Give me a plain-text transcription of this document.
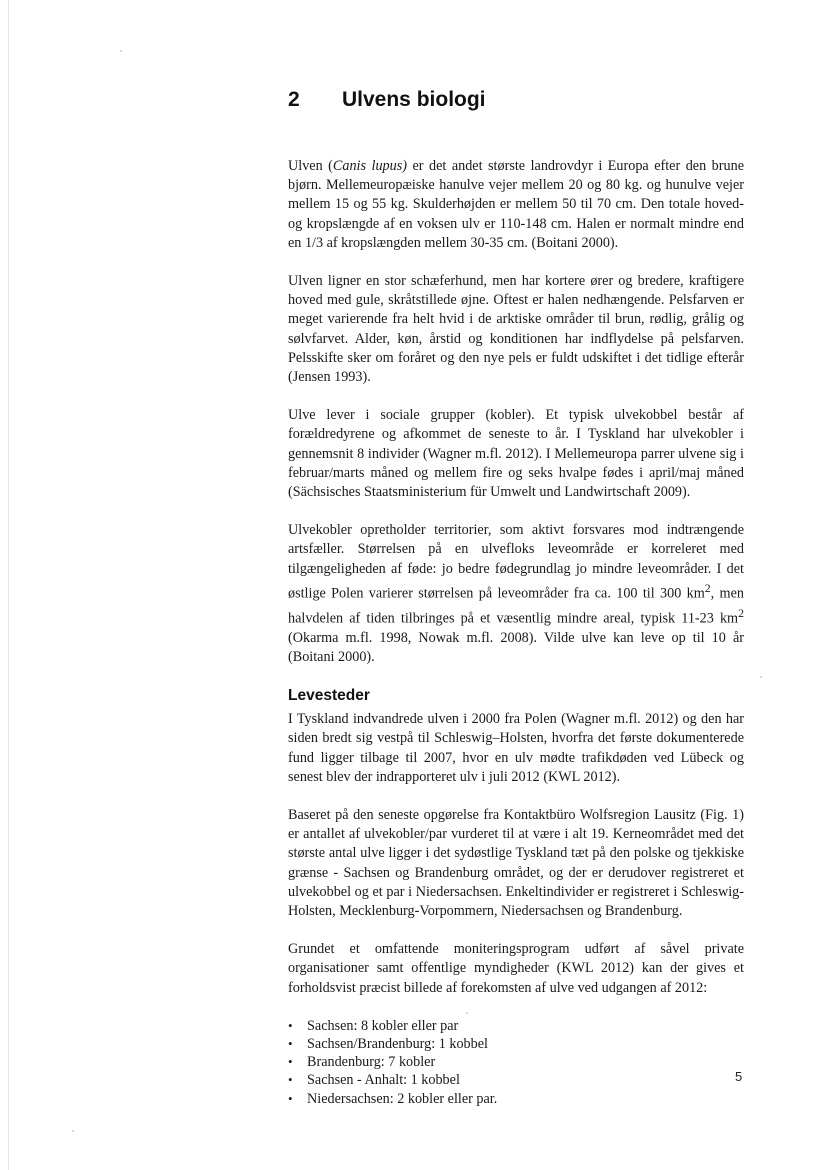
2 Ulvens biologi

Ulven (Canis lupus) er det andet største landrovdyr i Europa efter den brune bjørn. Mellemeuropæiske hanulve vejer mellem 20 og 80 kg. og hunulve vejer mellem 15 og 55 kg. Skulderhøjden er mellem 50 til 70 cm. Den totale hoved- og kropslængde af en voksen ulv er 110-148 cm. Halen er normalt mindre end en 1/3 af kropslængden mellem 30-35 cm. (Boitani 2000).

Ulven ligner en stor schæferhund, men har kortere ører og bredere, kraftigere hoved med gule, skråtstillede øjne. Oftest er halen nedhængende. Pelsfarven er meget varierende fra helt hvid i de arktiske områder til brun, rødlig, grålig og sølvfarvet. Alder, køn, årstid og konditionen har indflydelse på pelsfarven. Pelsskifte sker om foråret og den nye pels er fuldt udskiftet i det tidlige efterår (Jensen 1993).

Ulve lever i sociale grupper (kobler). Et typisk ulvekobbel består af forældredyrene og afkommet de seneste to år. I Tyskland har ulvekobler i gennemsnit 8 individer (Wagner m.fl. 2012). I Mellemeuropa parrer ulvene sig i februar/marts måned og mellem fire og seks hvalpe fødes i april/maj måned (Sächsisches Staatsministerium für Umwelt und Landwirtschaft 2009).

Ulvekobler opretholder territorier, som aktivt forsvares mod indtrængende artsfæller. Størrelsen på en ulvefloks leveområde er korreleret med tilgængeligheden af føde: jo bedre fødegrundlag jo mindre leveområder. I det østlige Polen varierer størrelsen på leveområder fra ca. 100 til 300 $km^2$, men halvdelen af tiden tilbringes på et væsentlig mindre areal, typisk 11-23 $km^2$ (Okarma m.fl. 1998, Nowak m.fl. 2008). Vilde ulve kan leve op til 10 år (Boitani 2000).

Levesteder

I Tyskland indvandrede ulven i 2000 fra Polen (Wagner m.fl. 2012) og den har siden bredt sig vestpå til Schleswig–Holsten, hvorfra det første dokumenterede fund ligger tilbage til 2007, hvor en ulv mødte trafikdøden ved Lübeck og senest blev der indrapporteret ulv i juli 2012 (KWL 2012).

Baseret på den seneste opgørelse fra Kontaktbüro Wolfsregion Lausitz (Fig. 1) er antallet af ulvekobler/par vurderet til at være i alt 19. Kerneområdet med det største antal ulve ligger i det sydøstlige Tyskland tæt på den polske og tjekkiske grænse - Sachsen og Brandenburg området, og der er derudover registreret et ulvekobbel og et par i Niedersachsen. Enkeltindivider er registreret i Schleswig-Holsten, Mecklenburg-Vorpommern, Niedersachsen og Brandenburg.

Grundet et omfattende moniteringsprogram udført af såvel private organisationer samt offentlige myndigheder (KWL 2012) kan der gives et forholdsvist præcist billede af forekomsten af ulve ved udgangen af 2012:

• Sachsen: 8 kobler eller par
• Sachsen/Brandenburg: 1 kobbel
• Brandenburg: 7 kobler
• Sachsen - Anhalt: 1 kobbel
• Niedersachsen: 2 kobler eller par.
5
